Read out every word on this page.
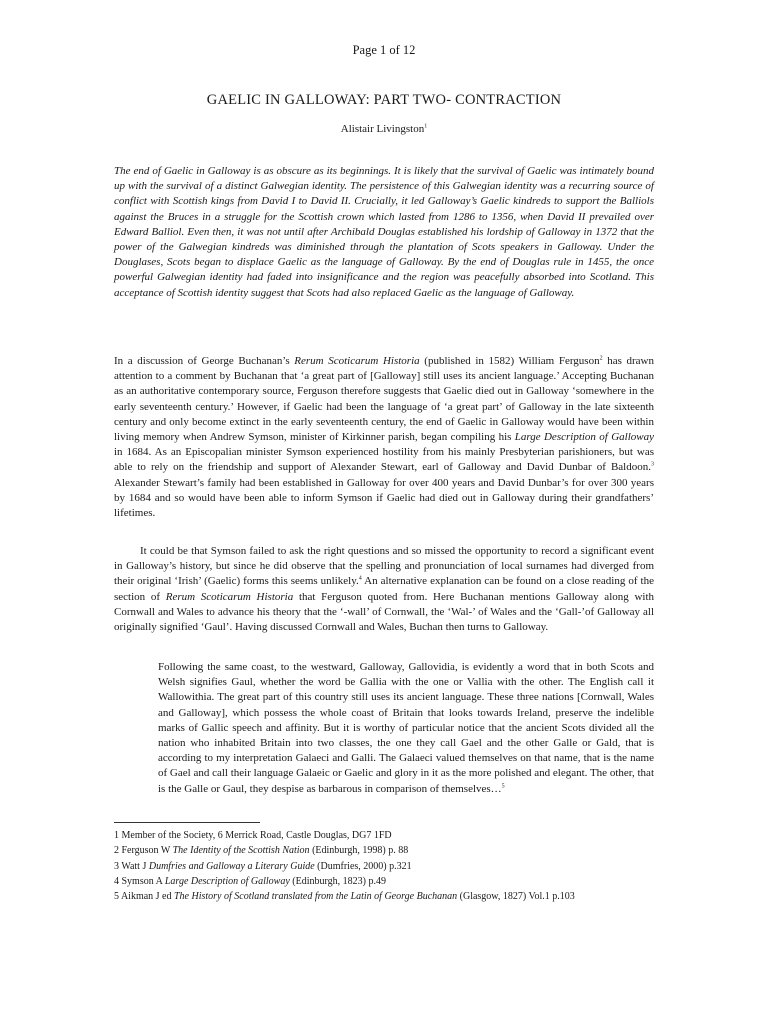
Page 1 of 12
GAELIC IN GALLOWAY: PART TWO- CONTRACTION
Alistair Livingston$^1$

The end of Gaelic in Galloway is as obscure as its beginnings. It is likely that the survival of Gaelic was intimately bound up with the survival of a distinct Galwegian identity. The persistence of this Galwegian identity was a recurring source of conflict with Scottish kings from David I to David II. Crucially, it led Galloway’s Gaelic kindreds to support the Balliols against the Bruces in a struggle for the Scottish crown which lasted from 1286 to 1356, when David II prevailed over Edward Balliol. Even then, it was not until after Archibald Douglas established his lordship of Galloway in 1372 that the power of the Galwegian kindreds was diminished through the plantation of Scots speakers in Galloway. Under the Douglases, Scots began to displace Gaelic as the language of Galloway. By the end of Douglas rule in 1455, the once powerful Galwegian identity had faded into insignificance and the region was peacefully absorbed into Scotland. This acceptance of Scottish identity suggest that Scots had also replaced Gaelic as the language of Galloway.

In a discussion of George Buchanan’s Rerum Scoticarum Historia (published in 1582) William Ferguson$^2$ has drawn attention to a comment by Buchanan that ‘a great part of [Galloway] still uses its ancient language.’ Accepting Buchanan as an authoritative contemporary source, Ferguson therefore suggests that Gaelic died out in Galloway ‘somewhere in the early seventeenth century.’ However, if Gaelic had been the language of ‘a great part’ of Galloway in the late sixteenth century and only become extinct in the early seventeenth century, the end of Gaelic in Galloway would have been within living memory when Andrew Symson, minister of Kirkinner parish, began compiling his Large Description of Galloway in 1684. As an Episcopalian minister Symson experienced hostility from his mainly Presbyterian parishioners, but was able to rely on the friendship and support of Alexander Stewart, earl of Galloway and David Dunbar of Baldoon.$^3$ Alexander Stewart’s family had been established in Galloway for over 400 years and David Dunbar’s for over 300 years by 1684 and so would have been able to inform Symson if Gaelic had died out in Galloway during their grandfathers’ lifetimes.

It could be that Symson failed to ask the right questions and so missed the opportunity to record a significant event in Galloway’s history, but since he did observe that the spelling and pronunciation of local surnames had diverged from their original ‘Irish’ (Gaelic) forms this seems unlikely.$^4$ An alternative explanation can be found on a close reading of the section of Rerum Scoticarum Historia that Ferguson quoted from. Here Buchanan mentions Galloway along with Cornwall and Wales to advance his theory that the ‘-wall’ of Cornwall, the ‘Wal-’ of Wales and the ‘Gall-’of Galloway all originally signified ‘Gaul’. Having discussed Cornwall and Wales, Buchan then turns to Galloway.

Following the same coast, to the westward, Galloway, Gallovidia, is evidently a word that in both Scots and Welsh signifies Gaul, whether the word be Gallia with the one or Vallia with the other. The English call it Wallowithia. The great part of this country still uses its ancient language. These three nations [Cornwall, Wales and Galloway], which possess the whole coast of Britain that looks towards Ireland, preserve the indelible marks of Gallic speech and affinity. But it is worthy of particular notice that the ancient Scots divided all the nation who inhabited Britain into two classes, the one they call Gael and the other Galle or Gald, that is according to my interpretation Galaeci and Galli. The Galaeci valued themselves on that name, that is the name of Gael and call their language Galaeic or Gaelic and glory in it as the more polished and elegant. The other, that is the Galle or Gaul, they despise as barbarous in comparison of themselves…$^5$

1 Member of the Society, 6 Merrick Road, Castle Douglas, DG7 1FD
2 Ferguson W The Identity of the Scottish Nation (Edinburgh, 1998) p. 88
3 Watt J Dumfries and Galloway a Literary Guide (Dumfries, 2000) p.321
4 Symson A Large Description of Galloway (Edinburgh, 1823) p.49
5 Aikman J ed The History of Scotland translated from the Latin of George Buchanan (Glasgow, 1827) Vol.1 p.103
